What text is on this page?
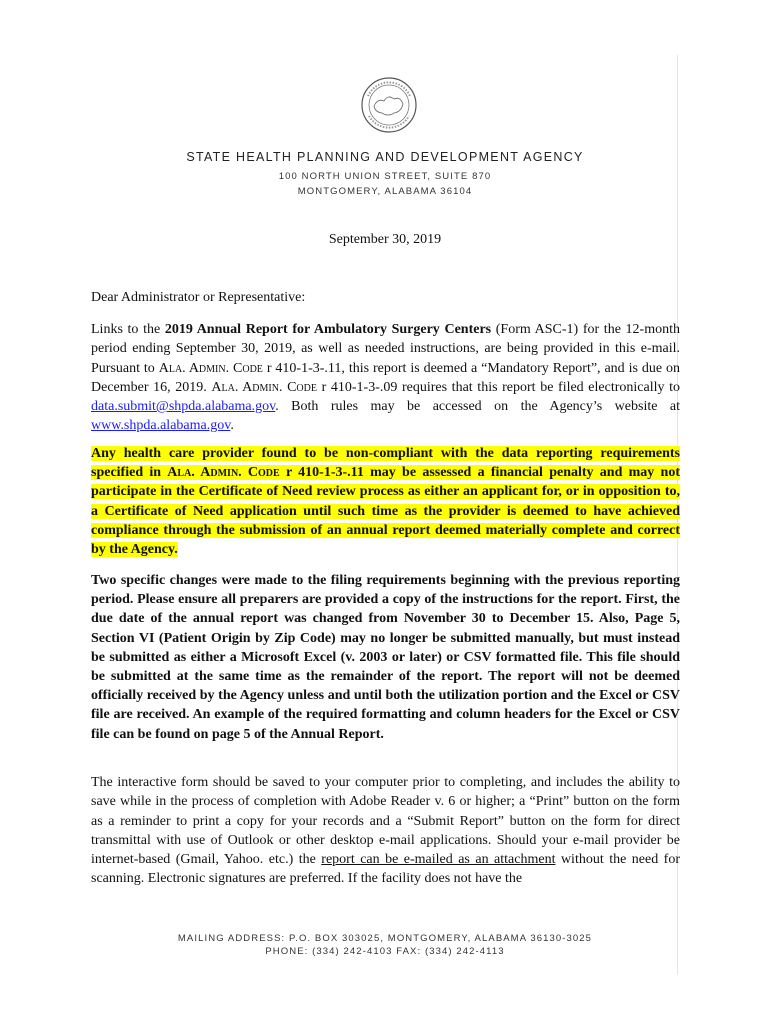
STATE HEALTH PLANNING AND DEVELOPMENT AGENCY
100 NORTH UNION STREET, SUITE 870
MONTGOMERY, ALABAMA 36104
September 30, 2019
Dear Administrator or Representative:
Links to the 2019 Annual Report for Ambulatory Surgery Centers (Form ASC-1) for the 12-month period ending September 30, 2019, as well as needed instructions, are being provided in this e-mail. Pursuant to Ala. Admin. Code r 410-1-3-.11, this report is deemed a “Mandatory Report”, and is due on December 16, 2019. Ala. Admin. Code r 410-1-3-.09 requires that this report be filed electronically to data.submit@shpda.alabama.gov. Both rules may be accessed on the Agency’s website at www.shpda.alabama.gov.
Any health care provider found to be non-compliant with the data reporting requirements specified in Ala. Admin. Code r 410-1-3-.11 may be assessed a financial penalty and may not participate in the Certificate of Need review process as either an applicant for, or in opposition to, a Certificate of Need application until such time as the provider is deemed to have achieved compliance through the submission of an annual report deemed materially complete and correct by the Agency.
Two specific changes were made to the filing requirements beginning with the previous reporting period. Please ensure all preparers are provided a copy of the instructions for the report. First, the due date of the annual report was changed from November 30 to December 15. Also, Page 5, Section VI (Patient Origin by Zip Code) may no longer be submitted manually, but must instead be submitted as either a Microsoft Excel (v. 2003 or later) or CSV formatted file. This file should be submitted at the same time as the remainder of the report. The report will not be deemed officially received by the Agency unless and until both the utilization portion and the Excel or CSV file are received. An example of the required formatting and column headers for the Excel or CSV file can be found on page 5 of the Annual Report.
The interactive form should be saved to your computer prior to completing, and includes the ability to save while in the process of completion with Adobe Reader v. 6 or higher; a “Print” button on the form as a reminder to print a copy for your records and a “Submit Report” button on the form for direct transmittal with use of Outlook or other desktop e-mail applications. Should your e-mail provider be internet-based (Gmail, Yahoo. etc.) the report can be e-mailed as an attachment without the need for scanning. Electronic signatures are preferred. If the facility does not have the
MAILING ADDRESS: P.O. BOX 303025, MONTGOMERY, ALABAMA 36130-3025
PHONE: (334) 242-4103 FAX: (334) 242-4113
